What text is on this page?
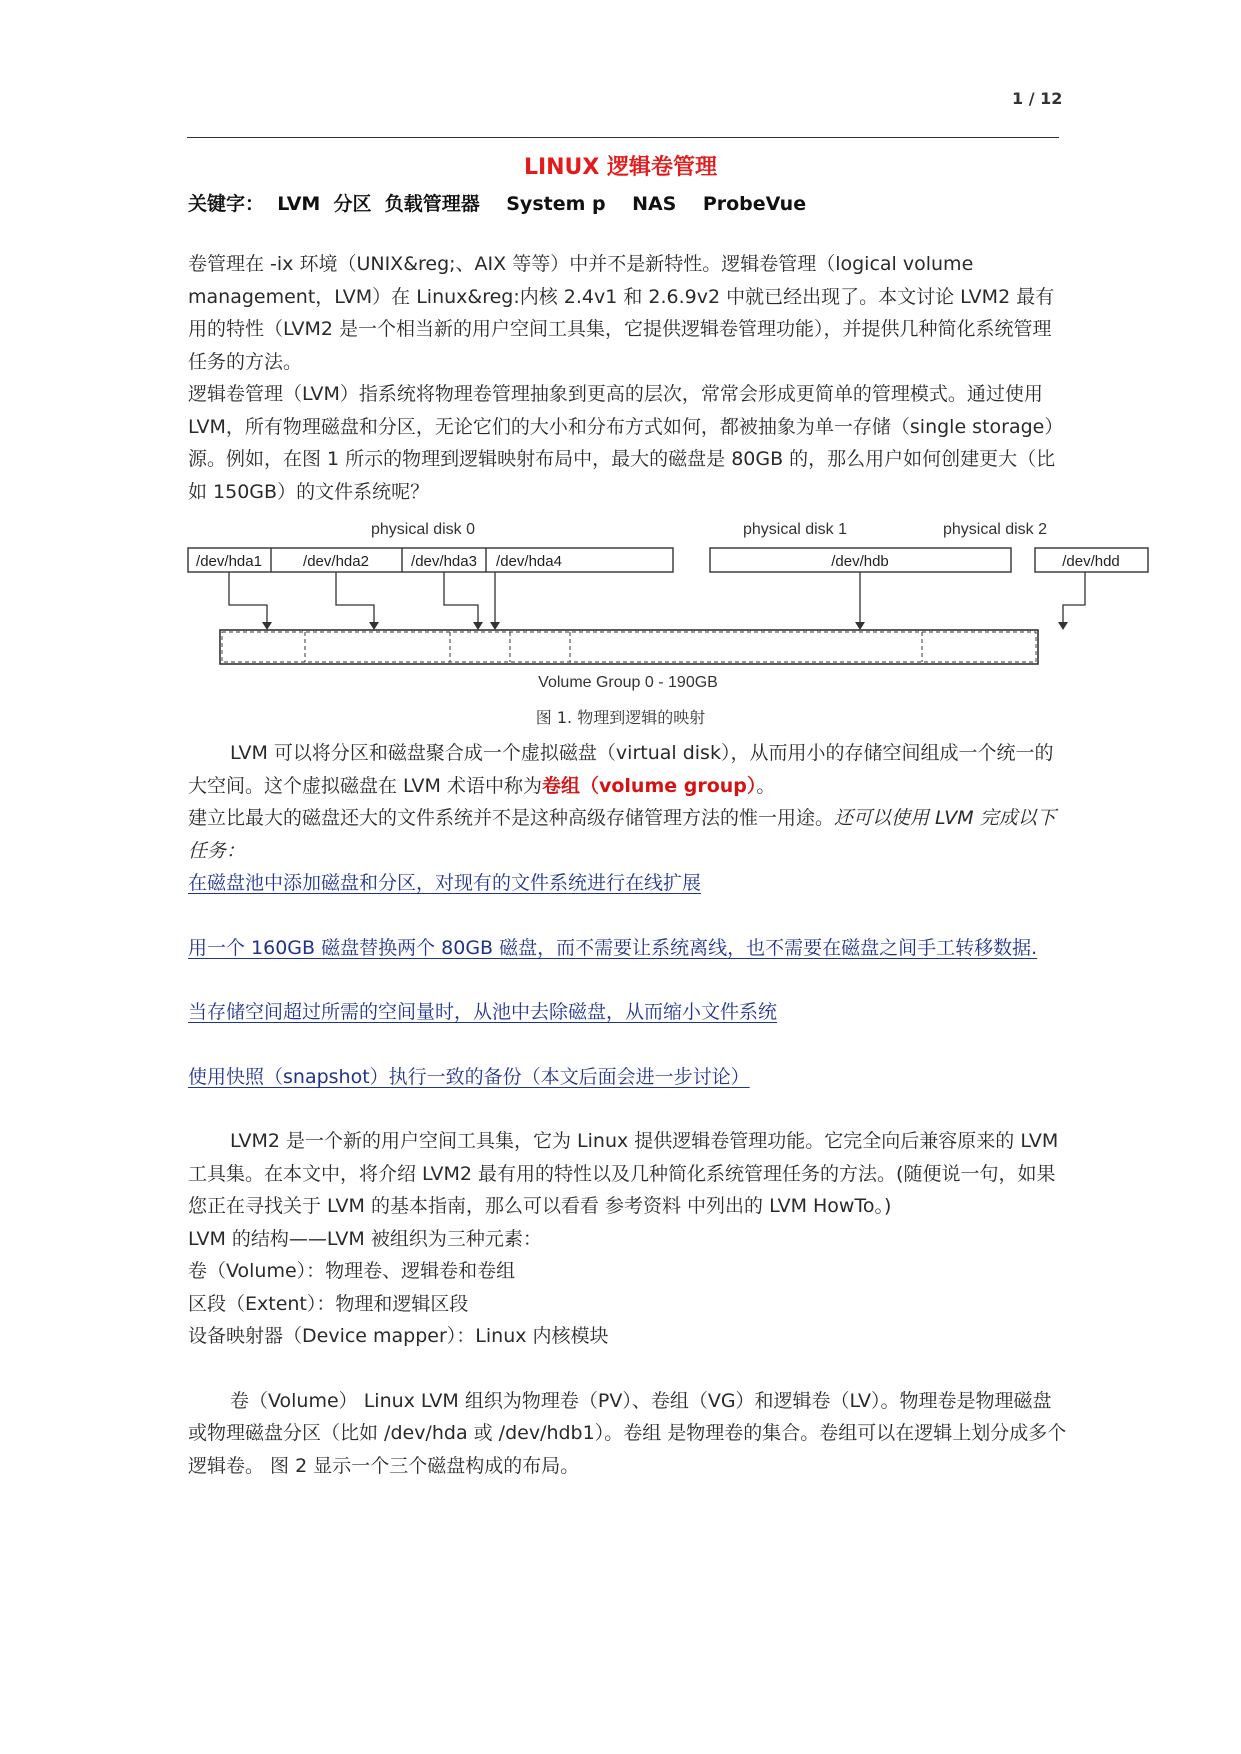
1 / 12
LINUX 逻辑卷管理
关键字：  LVM  分区  负载管理器    System p    NAS    ProbeVue

卷管理在 -ix 环境（UNIX&reg;、AIX 等等）中并不是新特性。逻辑卷管理（logical volume management，LVM）在 Linux&reg:内核 2.4v1 和 2.6.9v2 中就已经出现了。本文讨论 LVM2 最有用的特性（LVM2 是一个相当新的用户空间工具集，它提供逻辑卷管理功能），并提供几种简化系统管理任务的方法。

逻辑卷管理（LVM）指系统将物理卷管理抽象到更高的层次，常常会形成更简单的管理模式。通过使用 LVM，所有物理磁盘和分区，无论它们的大小和分布方式如何，都被抽象为单一存储（single storage）源。例如，在图 1 所示的物理到逻辑映射布局中，最大的磁盘是 80GB 的，那么用户如何创建更大（比如 150GB）的文件系统呢？

physical disk 0	physical disk 1	physical disk 2
/dev/hda1	/dev/hda2	/dev/hda3 /dev/hda4	/dev/hdb	/dev/hdd
Volume Group 0 - 190GB
图 1. 物理到逻辑的映射

LVM 可以将分区和磁盘聚合成一个虚拟磁盘（virtual disk），从而用小的存储空间组成一个统一的大空间。这个虚拟磁盘在 LVM 术语中称为卷组（volume group）。

建立比最大的磁盘还大的文件系统并不是这种高级存储管理方法的惟一用途。还可以使用 LVM 完成以下任务：

在磁盘池中添加磁盘和分区，对现有的文件系统进行在线扩展

用一个 160GB 磁盘替换两个 80GB 磁盘，而不需要让系统离线，也不需要在磁盘之间手工转移数据.

当存储空间超过所需的空间量时，从池中去除磁盘，从而缩小文件系统

使用快照（snapshot）执行一致的备份（本文后面会进一步讨论）

LVM2 是一个新的用户空间工具集，它为 Linux 提供逻辑卷管理功能。它完全向后兼容原来的 LVM 工具集。在本文中，将介绍 LVM2 最有用的特性以及几种简化系统管理任务的方法。(随便说一句，如果您正在寻找关于 LVM 的基本指南，那么可以看看 参考资料 中列出的 LVM HowTo。)

LVM 的结构——LVM 被组织为三种元素：

卷（Volume）：物理卷、逻辑卷和卷组

区段（Extent）：物理和逻辑区段

设备映射器（Device mapper）：Linux 内核模块

卷（Volume） Linux LVM 组织为物理卷（PV）、卷组（VG）和逻辑卷（LV）。物理卷是物理磁盘或物理磁盘分区（比如 /dev/hda 或 /dev/hdb1）。卷组 是物理卷的集合。卷组可以在逻辑上划分成多个逻辑卷。 图 2 显示一个三个磁盘构成的布局。
